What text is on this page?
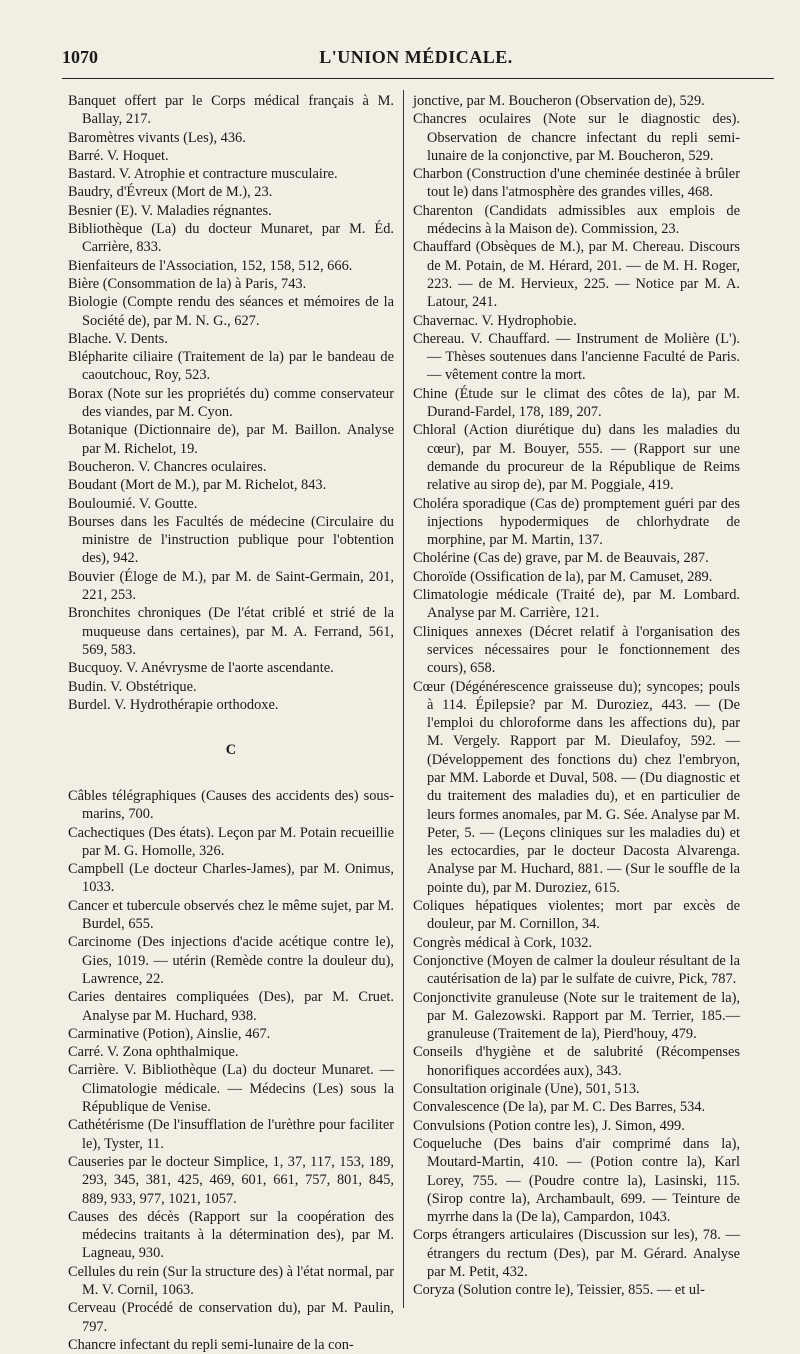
1070	L'UNION MÉDICALE.
Banquet offert par le Corps médical français à M. Ballay, 217.
Baromètres vivants (Les), 436.
Barré. V. Hoquet.
Bastard. V. Atrophie et contracture musculaire.
Baudry, d'Évreux (Mort de M.), 23.
Besnier (E). V. Maladies régnantes.
Bibliothèque (La) du docteur Munaret, par M. Éd. Carrière, 833.
Bienfaiteurs de l'Association, 152, 158, 512, 666.
Bière (Consommation de la) à Paris, 743.
Biologie (Compte rendu des séances et mémoires de la Société de), par M. N. G., 627.
Blache. V. Dents.
Blépharite ciliaire (Traitement de la) par le bandeau de caoutchouc, Roy, 523.
Borax (Note sur les propriétés du) comme conservateur des viandes, par M. Cyon.
Botanique (Dictionnaire de), par M. Baillon. Analyse par M. Richelot, 19.
Boucheron. V. Chancres oculaires.
Boudant (Mort de M.), par M. Richelot, 843.
Bouloumié. V. Goutte.
Bourses dans les Facultés de médecine (Circulaire du ministre de l'instruction publique pour l'obtention des), 942.
Bouvier (Éloge de M.), par M. de Saint-Germain, 201, 221, 253.
Bronchites chroniques (De l'état criblé et strié de la muqueuse dans certaines), par M. A. Ferrand, 561, 569, 583.
Bucquoy. V. Anévrysme de l'aorte ascendante.
Budin. V. Obstétrique.
Burdel. V. Hydrothérapie orthodoxe.
C
Câbles télégraphiques (Causes des accidents des) sous-marins, 700.
Cachectiques (Des états). Leçon par M. Potain recueillie par M. G. Homolle, 326.
Campbell (Le docteur Charles-James), par M. Onimus, 1033.
Cancer et tubercule observés chez le même sujet, par M. Burdel, 655.
Carcinome (Des injections d'acide acétique contre le), Gies, 1019. — utérin (Remède contre la douleur du), Lawrence, 22.
Caries dentaires compliquées (Des), par M. Cruet. Analyse par M. Huchard, 938.
Carminative (Potion), Ainslie, 467.
Carré. V. Zona ophthalmique.
Carrière. V. Bibliothèque (La) du docteur Munaret. — Climatologie médicale. — Médecins (Les) sous la République de Venise.
Cathétérisme (De l'insufflation de l'urèthre pour faciliter le), Tyster, 11.
Causeries par le docteur Simplice, 1, 37, 117, 153, 189, 293, 345, 381, 425, 469, 601, 661, 757, 801, 845, 889, 933, 977, 1021, 1057.
Causes des décès (Rapport sur la coopération des médecins traitants à la détermination des), par M. Lagneau, 930.
Cellules du rein (Sur la structure des) à l'état normal, par M. V. Cornil, 1063.
Cerveau (Procédé de conservation du), par M. Paulin, 797.
Chancre infectant du repli semi-lunaire de la con-
jonctive, par M. Boucheron (Observation de), 529.
Chancres oculaires (Note sur le diagnostic des). Observation de chancre infectant du repli semi-lunaire de la conjonctive, par M. Boucheron, 529.
Charbon (Construction d'une cheminée destinée à brûler tout le) dans l'atmosphère des grandes villes, 468.
Charenton (Candidats admissibles aux emplois de médecins à la Maison de). Commission, 23.
Chauffard (Obsèques de M.), par M. Chereau. Discours de M. Potain, de M. Hérard, 201. — de M. H. Roger, 223. — de M. Hervieux, 225. — Notice par M. A. Latour, 241.
Chavernac. V. Hydrophobie.
Chereau. V. Chauffard. — Instrument de Molière (L'). — Thèses soutenues dans l'ancienne Faculté de Paris. — vêtement contre la mort.
Chine (Étude sur le climat des côtes de la), par M. Durand-Fardel, 178, 189, 207.
Chloral (Action diurétique du) dans les maladies du cœur), par M. Bouyer, 555. — (Rapport sur une demande du procureur de la République de Reims relative au sirop de), par M. Poggiale, 419.
Choléra sporadique (Cas de) promptement guéri par des injections hypodermiques de chlorhydrate de morphine, par M. Martin, 137.
Cholérine (Cas de) grave, par M. de Beauvais, 287.
Choroïde (Ossification de la), par M. Camuset, 289.
Climatologie médicale (Traité de), par M. Lombard. Analyse par M. Carrière, 121.
Cliniques annexes (Décret relatif à l'organisation des services nécessaires pour le fonctionnement des cours), 658.
Cœur (Dégénérescence graisseuse du); syncopes; pouls à 114. Épilepsie? par M. Duroziez, 443. — (De l'emploi du chloroforme dans les affections du), par M. Vergely. Rapport par M. Dieulafoy, 592. — (Développement des fonctions du) chez l'embryon, par MM. Laborde et Duval, 508. — (Du diagnostic et du traitement des maladies du), et en particulier de leurs formes anomales, par M. G. Sée. Analyse par M. Peter, 5. — (Leçons cliniques sur les maladies du) et les ectocardies, par le docteur Dacosta Alvarenga. Analyse par M. Huchard, 881. — (Sur le souffle de la pointe du), par M. Duroziez, 615.
Coliques hépatiques violentes; mort par excès de douleur, par M. Cornillon, 34.
Congrès médical à Cork, 1032.
Conjonctive (Moyen de calmer la douleur résultant de la cautérisation de la) par le sulfate de cuivre, Pick, 787.
Conjonctivite granuleuse (Note sur le traitement de la), par M. Galezowski. Rapport par M. Terrier, 185.—granuleuse (Traitement de la), Pierd'houy, 479.
Conseils d'hygiène et de salubrité (Récompenses honorifiques accordées aux), 343.
Consultation originale (Une), 501, 513.
Convalescence (De la), par M. C. Des Barres, 534.
Convulsions (Potion contre les), J. Simon, 499.
Coqueluche (Des bains d'air comprimé dans la), Moutard-Martin, 410. — (Potion contre la), Karl Lorey, 755. — (Poudre contre la), Lasinski, 115. (Sirop contre la), Archambault, 699. — Teinture de myrrhe dans la (De la), Campardon, 1043.
Corps étrangers articulaires (Discussion sur les), 78. — étrangers du rectum (Des), par M. Gérard. Analyse par M. Petit, 432.
Coryza (Solution contre le), Teissier, 855. — et ul-
